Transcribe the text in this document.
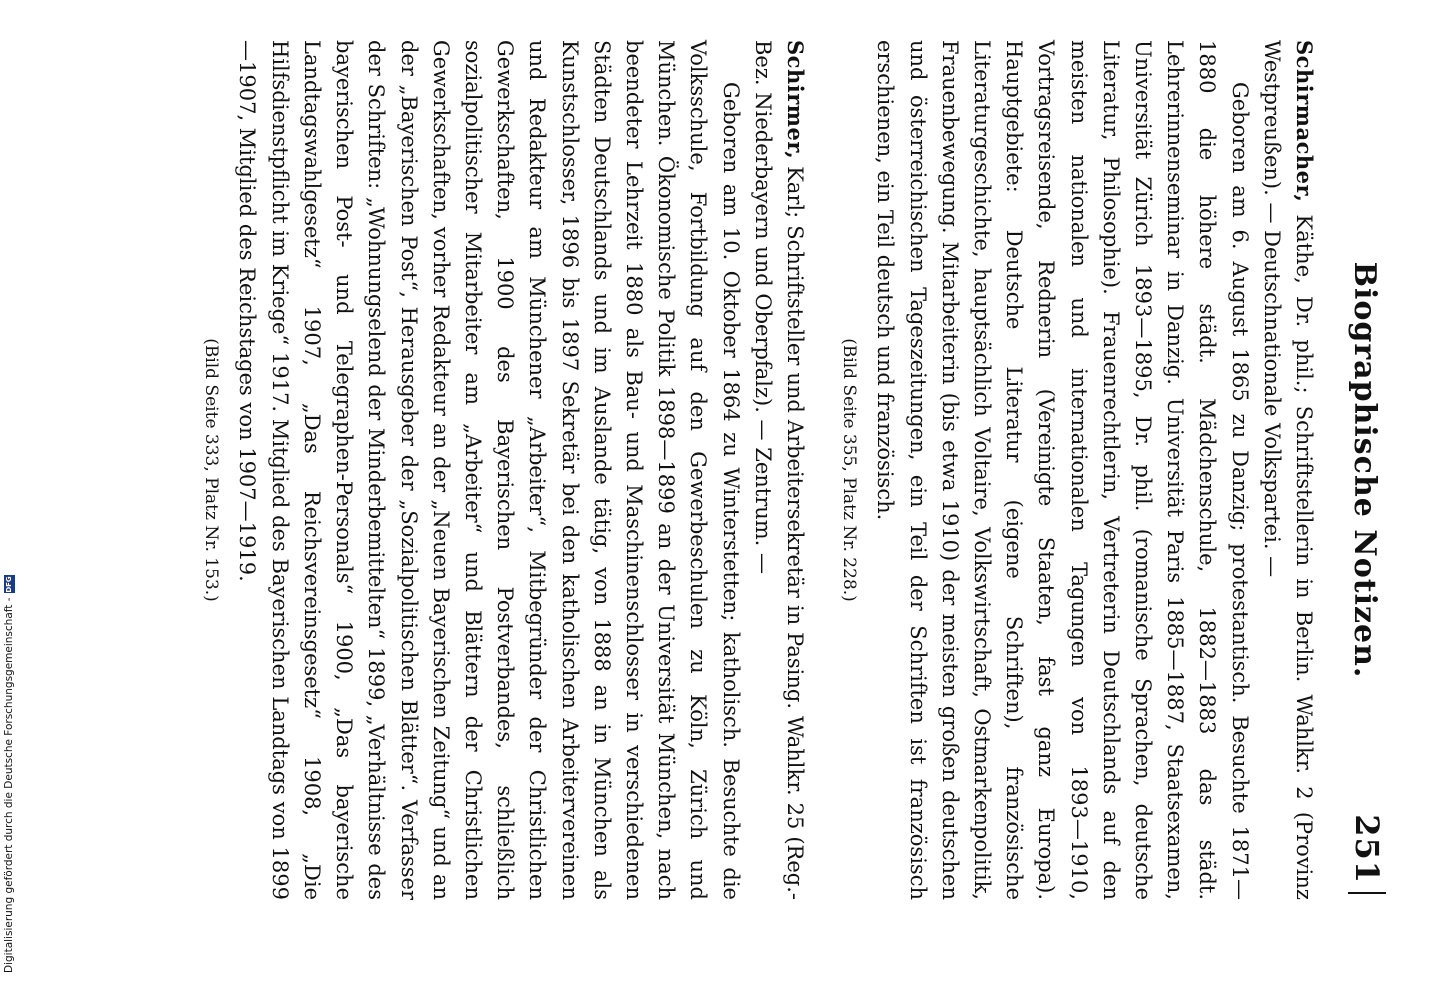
Biographische Notizen.
251

Schirmacher, Käthe, Dr. phil.; Schriftstellerin in Berlin. Wahlkr. 2 (Provinz Westpreußen). — Deutschnationale Volkspartei. —

Geboren am 6. August 1865 zu Danzig; protestantisch. Besuchte 1871—1880 die höhere städt. Mädchenschule, 1882—1883 das städt. Lehrerinnenseminar in Danzig. Universität Paris 1885—1887, Staatsexamen, Universität Zürich 1893—1895, Dr. phil. (romanische Sprachen, deutsche Literatur, Philosophie). Frauenrechtlerin, Vertreterin Deutschlands auf den meisten nationalen und internationalen Tagungen von 1893—1910, Vortragsreisende, Rednerin (Vereinigte Staaten, fast ganz Europa). Hauptgebiete: Deutsche Literatur (eigene Schriften), französische Literaturgeschichte, hauptsächlich Voltaire, Volkswirtschaft, Ostmarkenpolitik, Frauenbewegung. Mitarbeiterin (bis etwa 1910) der meisten großen deutschen und österreichischen Tageszeitungen, ein Teil der Schriften ist französisch erschienen, ein Teil deutsch und französisch.

(Bild Seite 355, Platz Nr. 228.)

Schirmer, Karl; Schriftsteller und Arbeitersekretär in Pasing. Wahlkr. 25 (Reg.-Bez. Niederbayern und Oberpfalz). — Zentrum. —

Geboren am 10. Oktober 1864 zu Winterstetten; katholisch. Besuchte die Volksschule, Fortbildung auf den Gewerbeschulen zu Köln, Zürich und München. Ökonomische Politik 1898—1899 an der Universität München, nach beendeter Lehrzeit 1880 als Bau- und Maschinenschlosser in verschiedenen Städten Deutschlands und im Auslande tätig, von 1888 an in München als Kunstschlosser, 1896 bis 1897 Sekretär bei den katholischen Arbeitervereinen und Redakteur am Münchener „Arbeiter“, Mitbegründer der Christlichen Gewerkschaften, 1900 des Bayerischen Postverbandes, schließlich sozialpolitischer Mitarbeiter am „Arbeiter“ und Blättern der Christlichen Gewerkschaften, vorher Redakteur an der „Neuen Bayerischen Zeitung“ und an der „Bayerischen Post“, Herausgeber der „Sozialpolitischen Blätter“. Verfasser der Schriften: „Wohnungselend der Minderbemittelten“ 1899, „Verhältnisse des bayerischen Post- und Telegraphen-Personals“ 1900, „Das bayerische Landtagswahlgesetz“ 1907, „Das Reichsvereinsgesetz“ 1908, „Die Hilfsdienstpflicht im Kriege“ 1917. Mitglied des Bayerischen Landtags von 1899—1907, Mitglied des Reichstages von 1907—1919.

(Bild Seite 333, Platz Nr. 153.)
Digitalisierung gefördert durch die Deutsche Forschungsgemeinschaft -DFG
